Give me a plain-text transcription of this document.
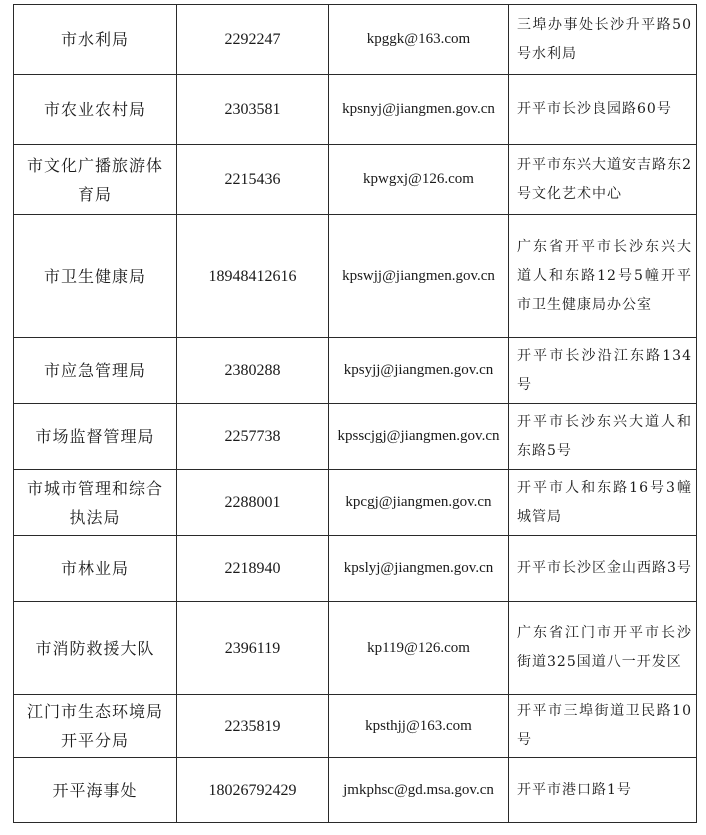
市水利局	2292247	kpggk@163.com	三埠办事处长沙升平路50号水利局
市农业农村局	2303581	kpsnyj@jiangmen.gov.cn	开平市长沙良园路60号
市文化广播旅游体育局	2215436	kpwgxj@126.com	开平市东兴大道安吉路东2号文化艺术中心
市卫生健康局	18948412616	kpswjj@jiangmen.gov.cn	广东省开平市长沙东兴大道人和东路12号5幢开平市卫生健康局办公室
市应急管理局	2380288	kpsyjj@jiangmen.gov.cn	开平市长沙沿江东路134号
市场监督管理局	2257738	kpsscjgj@jiangmen.gov.cn	开平市长沙东兴大道人和东路5号
市城市管理和综合执法局	2288001	kpcgj@jiangmen.gov.cn	开平市人和东路16号3幢城管局
市林业局	2218940	kpslyj@jiangmen.gov.cn	开平市长沙区金山西路3号
市消防救援大队	2396119	kp119@126.com	广东省江门市开平市长沙街道325国道八一开发区
江门市生态环境局开平分局	2235819	kpsthjj@163.com	开平市三埠街道卫民路10号
开平海事处	18026792429	jmkphsc@gd.msa.gov.cn	开平市港口路1号
